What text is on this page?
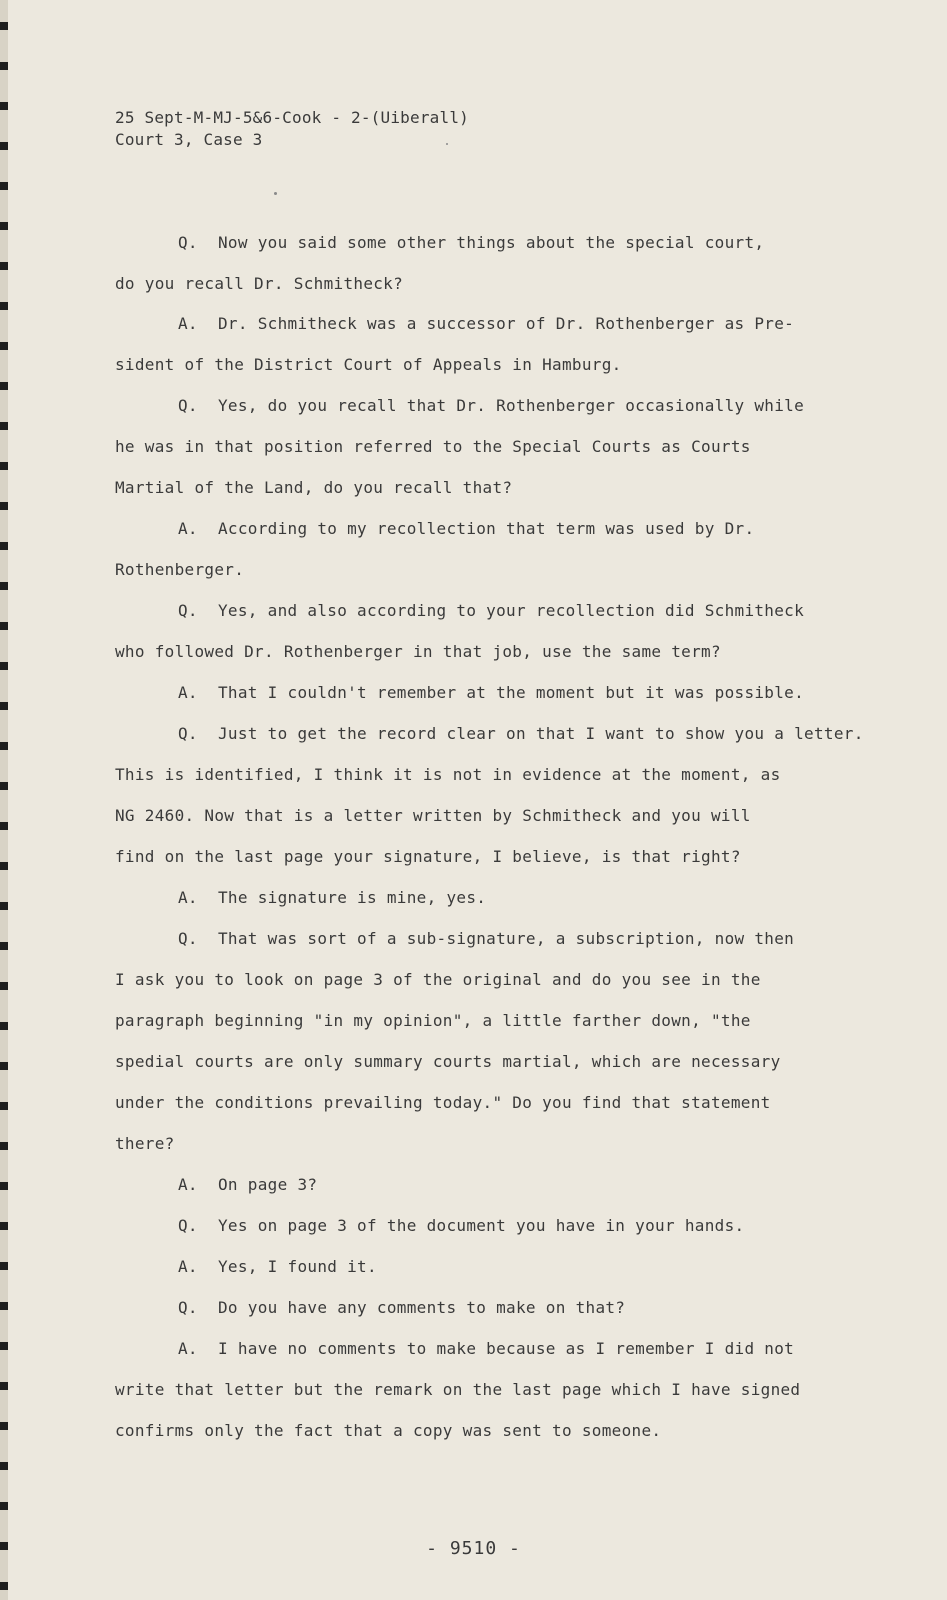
25 Sept-M-MJ-5&6-Cook - 2-(Uiberall)
Court 3, Case 3
Q. Now you said some other things about the special court,
do you recall Dr. Schmitheck?
A. Dr. Schmitheck was a successor of Dr. Rothenberger as Pre-
sident of the District Court of Appeals in Hamburg.
Q. Yes, do you recall that Dr. Rothenberger occasionally while
he was in that position referred to the Special Courts as Courts
Martial of the Land, do you recall that?
A. According to my recollection that term was used by Dr.
Rothenberger.
Q. Yes, and also according to your recollection did Schmitheck
who followed Dr. Rothenberger in that job, use the same term?
A. That I couldn't remember at the moment but it was possible.
Q. Just to get the record clear on that I want to show you a letter.
This is identified, I think it is not in evidence at the moment, as
NG 2460. Now that is a letter written by Schmitheck and you will
find on the last page your signature, I believe, is that right?
A. The signature is mine, yes.
Q. That was sort of a sub-signature, a subscription, now then
I ask you to look on page 3 of the original and do you see in the
paragraph beginning "in my opinion", a little farther down, "the
spedial courts are only summary courts martial, which are necessary
under the conditions prevailing today." Do you find that statement
there?
A. On page 3?
Q. Yes on page 3 of the document you have in your hands.
A. Yes, I found it.
Q. Do you have any comments to make on that?
A. I have no comments to make because as I remember I did not
write that letter but the remark on the last page which I have signed
confirms only the fact that a copy was sent to someone.
- 9510 -
